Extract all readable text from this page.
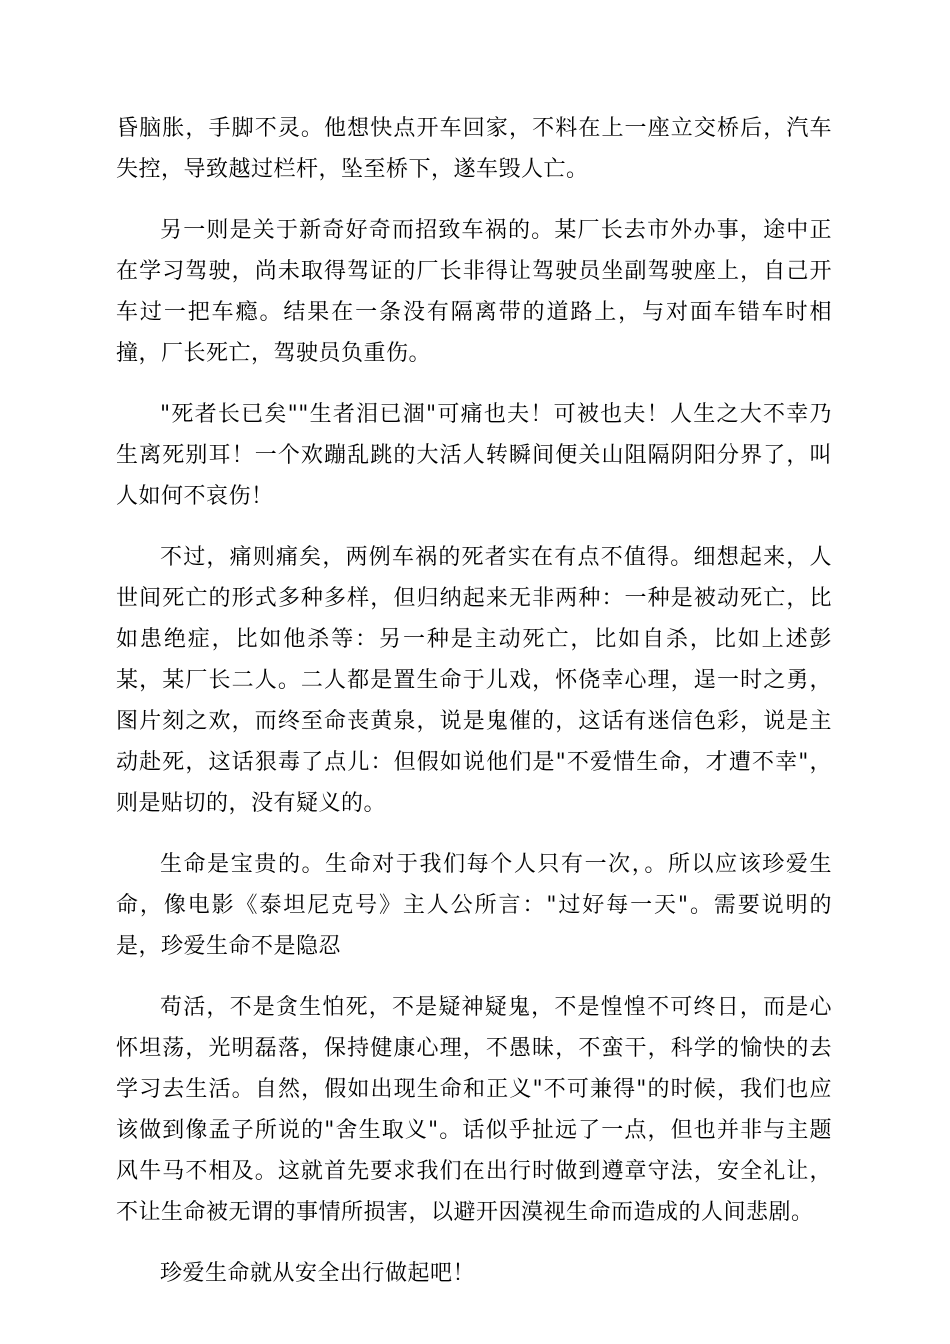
昏脑胀，手脚不灵。他想快点开车回家，不料在上一座立交桥后，汽车失控，导致越过栏杆，坠至桥下，遂车毁人亡。

另一则是关于新奇好奇而招致车祸的。某厂长去市外办事，途中正在学习驾驶，尚未取得驾证的厂长非得让驾驶员坐副驾驶座上，自己开车过一把车瘾。结果在一条没有隔离带的道路上，与对面车错车时相撞，厂长死亡，驾驶员负重伤。

"死者长已矣""生者泪已涸"可痛也夫！可被也夫！人生之大不幸乃生离死别耳！一个欢蹦乱跳的大活人转瞬间便关山阻隔阴阳分界了，叫人如何不哀伤！

不过，痛则痛矣，两例车祸的死者实在有点不值得。细想起来，人世间死亡的形式多种多样，但归纳起来无非两种：一种是被动死亡，比如患绝症，比如他杀等：另一种是主动死亡，比如自杀，比如上述彭某，某厂长二人。二人都是置生命于儿戏，怀侥幸心理，逞一时之勇，图片刻之欢，而终至命丧黄泉，说是鬼催的，这话有迷信色彩，说是主动赴死，这话狠毒了点儿：但假如说他们是"不爱惜生命，才遭不幸"，则是贴切的，没有疑义的。

生命是宝贵的。生命对于我们每个人只有一次，。所以应该珍爱生命，像电影《泰坦尼克号》主人公所言："过好每一天"。需要说明的是，珍爱生命不是隐忍

苟活，不是贪生怕死，不是疑神疑鬼，不是惶惶不可终日，而是心怀坦荡，光明磊落，保持健康心理，不愚昧，不蛮干，科学的愉快的去学习去生活。自然，假如出现生命和正义"不可兼得"的时候，我们也应该做到像孟子所说的"舍生取义"。话似乎扯远了一点，但也并非与主题风牛马不相及。这就首先要求我们在出行时做到遵章守法，安全礼让，不让生命被无谓的事情所损害，以避开因漠视生命而造成的人间悲剧。

珍爱生命就从安全出行做起吧！
